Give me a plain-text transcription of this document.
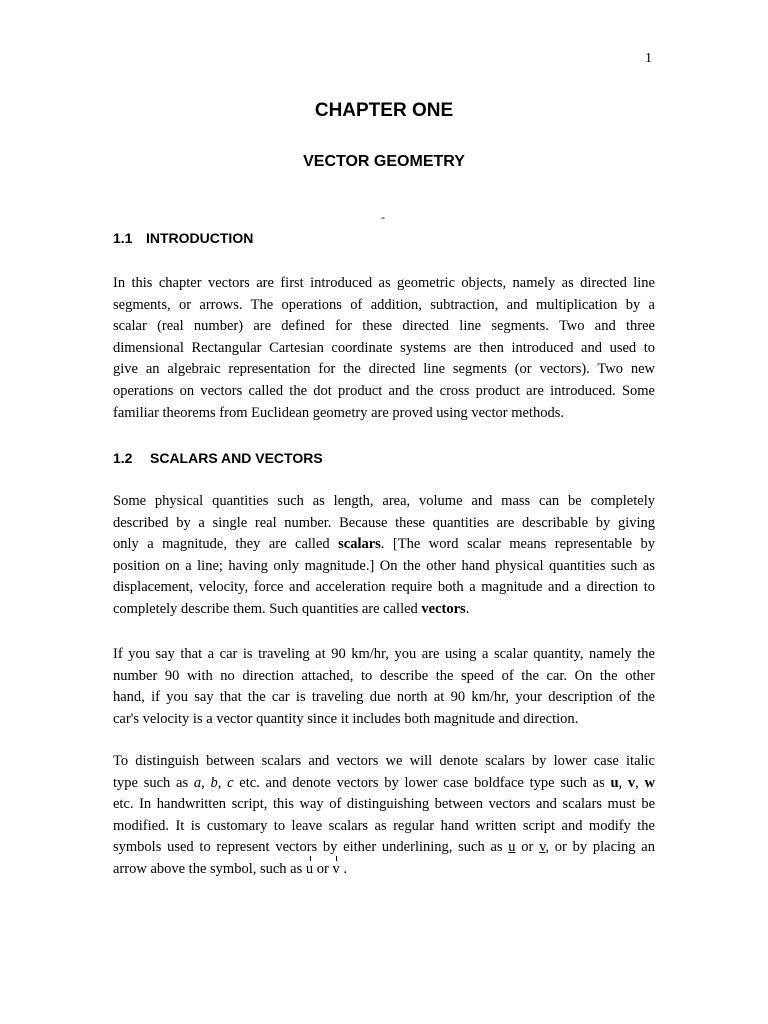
1
CHAPTER ONE
VECTOR GEOMETRY
-
1.1 INTRODUCTION
In this chapter vectors are first introduced as geometric objects, namely as directed line
segments, or arrows. The operations of addition, subtraction, and multiplication by a
scalar (real number) are defined for these directed line segments. Two and three
dimensional Rectangular Cartesian coordinate systems are then introduced and used to
give an algebraic representation for the directed line segments (or vectors). Two new
operations on vectors called the dot product and the cross product are introduced. Some
familiar theorems from Euclidean geometry are proved using vector methods.
1.2 SCALARS AND VECTORS
Some physical quantities such as length, area, volume and mass can be completely
described by a single real number. Because these quantities are describable by giving
only a magnitude, they are called scalars. [The word scalar means representable by
position on a line; having only magnitude.] On the other hand physical quantities such as
displacement, velocity, force and acceleration require both a magnitude and a direction to
completely describe them. Such quantities are called vectors.
If you say that a car is traveling at 90 km/hr, you are using a scalar quantity, namely the
number 90 with no direction attached, to describe the speed of the car. On the other
hand, if you say that the car is traveling due north at 90 km/hr, your description of the
car's velocity is a vector quantity since it includes both magnitude and direction.
To distinguish between scalars and vectors we will denote scalars by lower case italic
type such as a, b, c etc. and denote vectors by lower case boldface type such as u, v, w
etc. In handwritten script, this way of distinguishing between vectors and scalars must be
modified. It is customary to leave scalars as regular hand written script and modify the
symbols used to represent vectors by either underlining, such as u or v, or by placing an
arrow above the symbol, such as u or v .
